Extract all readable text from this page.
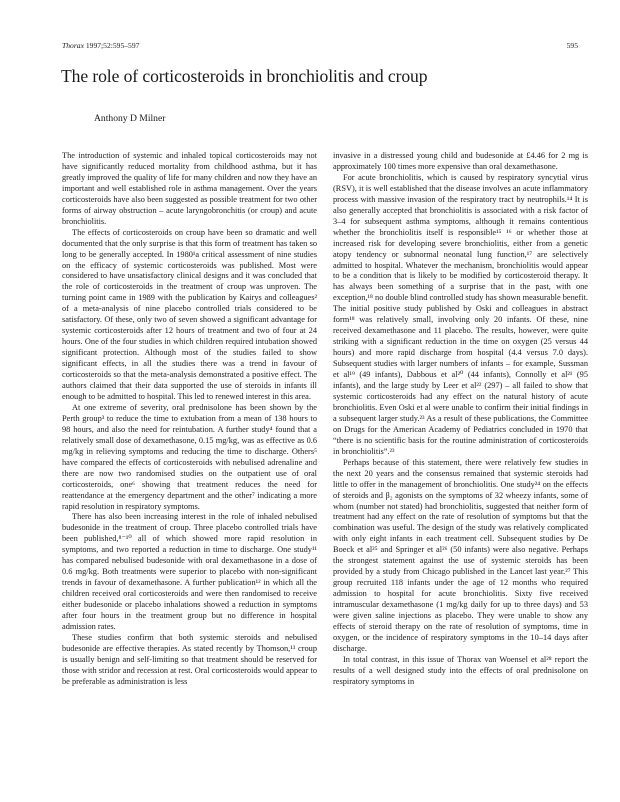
Thorax 1997;52:595–597	595
The role of corticosteroids in bronchiolitis and croup
Anthony D Milner

The introduction of systemic and inhaled topical corticosteroids may not have significantly reduced mortality from childhood asthma, but it has greatly improved the quality of life for many children and now they have an important and well established role in asthma management. Over the years corticosteroids have also been suggested as possible treatment for two other forms of airway obstruction – acute laryngobronchitis (or croup) and acute bronchiolitis.

The effects of corticosteroids on croup have been so dramatic and well documented that the only surprise is that this form of treatment has taken so long to be generally accepted. In 1980¹a critical assessment of nine studies on the efficacy of systemic corticosteroids was published. Most were considered to have unsatisfactory clinical designs and it was concluded that the role of corticosteroids in the treatment of croup was unproven. The turning point came in 1989 with the publication by Kairys and colleagues² of a meta-analysis of nine placebo controlled trials considered to be satisfactory. Of these, only two of seven showed a significant advantage for systemic corticosteroids after 12 hours of treatment and two of four at 24 hours. One of the four studies in which children required intubation showed significant protection. Although most of the studies failed to show significant effects, in all the studies there was a trend in favour of corticosteroids so that the meta-analysis demonstrated a positive effect. The authors claimed that their data supported the use of steroids in infants ill enough to be admitted to hospital. This led to renewed interest in this area.

At one extreme of severity, oral prednisolone has been shown by the Perth group³ to reduce the time to extubation from a mean of 138 hours to 98 hours, and also the need for reintubation. A further study⁴ found that a relatively small dose of dexamethasone, 0.15 mg/kg, was as effective as 0.6 mg/kg in relieving symptoms and reducing the time to discharge. Others⁵ have compared the effects of corticosteroids with nebulised adrenaline and there are now two randomised studies on the outpatient use of oral corticosteroids, one⁶ showing that treatment reduces the need for reattendance at the emergency department and the other⁷ indicating a more rapid resolution in respiratory symptoms.

There has also been increasing interest in the role of inhaled nebulised budesonide in the treatment of croup. Three placebo controlled trials have been published,⁸⁻¹⁰ all of which showed more rapid resolution in symptoms, and two reported a reduction in time to discharge. One study¹¹ has compared nebulised budesonide with oral dexamethasone in a dose of 0.6 mg/kg. Both treatments were superior to placebo with non-significant trends in favour of dexamethasone. A further publication¹² in which all the children received oral corticosteroids and were then randomised to receive either budesonide or placebo inhalations showed a reduction in symptoms after four hours in the treatment group but no difference in hospital admission rates.

These studies confirm that both systemic steroids and nebulised budesonide are effective therapies. As stated recently by Thomson,¹³ croup is usually benign and self-limiting so that treatment should be reserved for those with stridor and recession at rest. Oral corticosteroids would appear to be preferable as administration is less

invasive in a distressed young child and budesonide at £4.46 for 2 mg is approximately 100 times more expensive than oral dexamethasone.

For acute bronchiolitis, which is caused by respiratory syncytial virus (RSV), it is well established that the disease involves an acute inflammatory process with massive invasion of the respiratory tract by neutrophils.¹⁴ It is also generally accepted that bronchiolitis is associated with a risk factor of 3–4 for subsequent asthma symptoms, although it remains contentious whether the bronchiolitis itself is responsible¹⁵ ¹⁶ or whether those at increased risk for developing severe bronchiolitis, either from a genetic atopy tendency or subnormal neonatal lung function,¹⁷ are selectively admitted to hospital. Whatever the mechanism, bronchiolitis would appear to be a condition that is likely to be modified by corticosteroid therapy. It has always been something of a surprise that in the past, with one exception,¹⁸ no double blind controlled study has shown measurable benefit. The initial positive study published by Oski and colleagues in abstract form¹⁸ was relatively small, involving only 20 infants. Of these, nine received dexamethasone and 11 placebo. The results, however, were quite striking with a significant reduction in the time on oxygen (25 versus 44 hours) and more rapid discharge from hospital (4.4 versus 7.0 days). Subsequent studies with larger numbers of infants – for example, Sussman et al¹⁹ (49 infants), Dabbous et al²⁰ (44 infants), Connolly et al²¹ (95 infants), and the large study by Leer et al²² (297) – all failed to show that systemic corticosteroids had any effect on the natural history of acute bronchiolitis. Even Oski et al were unable to confirm their initial findings in a subsequent larger study.²³ As a result of these publications, the Committee on Drugs for the American Academy of Pediatrics concluded in 1970 that “there is no scientific basis for the routine administration of corticosteroids in bronchiolitis”.²³

Perhaps because of this statement, there were relatively few studies in the next 20 years and the consensus remained that systemic steroids had little to offer in the management of bronchiolitis. One study²⁴ on the effects of steroids and β₂ agonists on the symptoms of 32 wheezy infants, some of whom (number not stated) had bronchiolitis, suggested that neither form of treatment had any effect on the rate of resolution of symptoms but that the combination was useful. The design of the study was relatively complicated with only eight infants in each treatment cell. Subsequent studies by De Boeck et al²⁵ and Springer et al²⁶ (50 infants) were also negative. Perhaps the strongest statement against the use of systemic steroids has been provided by a study from Chicago published in the Lancet last year.²⁷ This group recruited 118 infants under the age of 12 months who required admission to hospital for acute bronchiolitis. Sixty five received intramuscular dexamethasone (1 mg/kg daily for up to three days) and 53 were given saline injections as placebo. They were unable to show any effects of steroid therapy on the rate of resolution of symptoms, time in oxygen, or the incidence of respiratory symptoms in the 10–14 days after discharge.

In total contrast, in this issue of Thorax van Woensel et al²⁸ report the results of a well designed study into the effects of oral prednisolone on respiratory symptoms in
